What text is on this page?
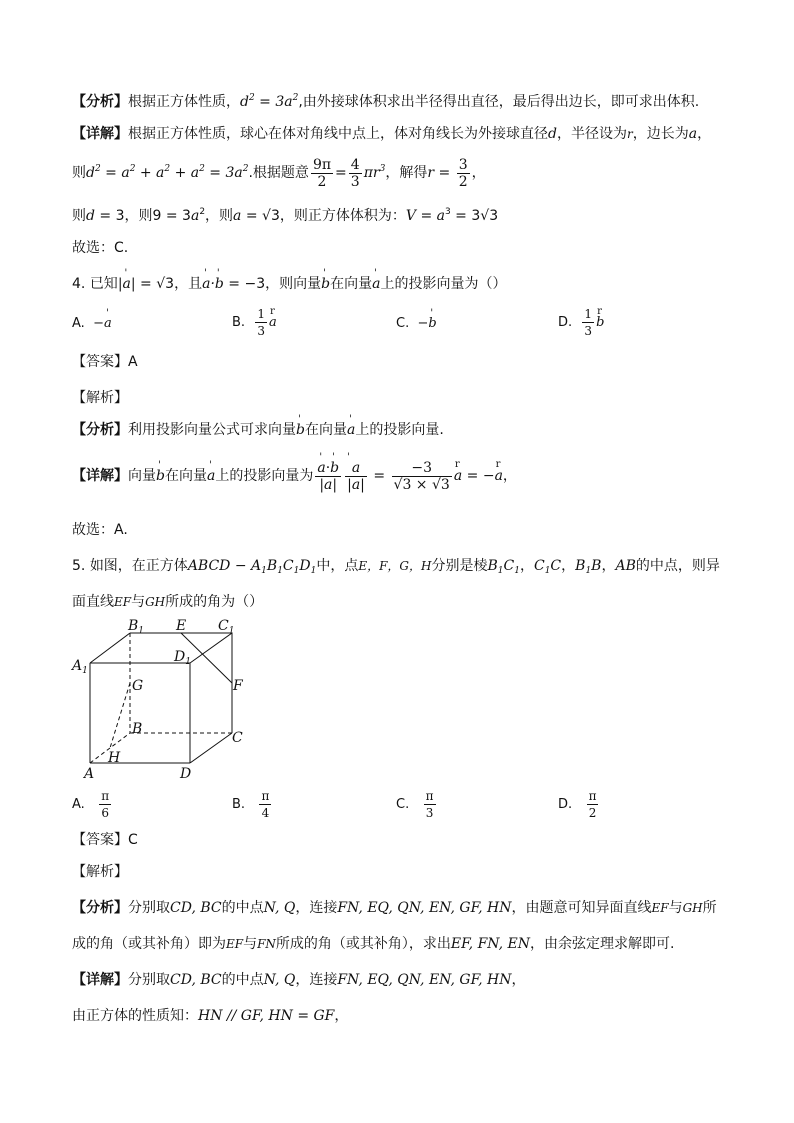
【分析】根据正方体性质，$d^2 = 3a^2$,由外接球体积求出半径得出直径，最后得出边长，即可求出体积.
【详解】根据正方体性质，球心在体对角线中点上，体对角线长为外接球直径d，半径设为r，边长为a，
则$d^2 = a^2 + a^2 + a^2 = 3a^2$.根据题意 $\frac{9\pi}{2} = \frac{4}{3} \pi r^3$，解得$r = \frac{3}{2}$ ，
则d = 3，则$9 = 3a^2$，则a = √3，则正方体体积为：$V = a^3 = 3√3$
故选：C.
4. 已知|' a| = √3，且' a·' b = −3，则向量' b在向量' a上的投影向量为（）
A. −' a	B. $\frac{1}{3}$ r a	C. −' b	D. $\frac{1}{3}$ r b
【答案】A
【解析】
【分析】利用投影向量公式可求向量' b在向量' a上的投影向量.
【详解】向量' b在向量' a上的投影向量为 ' $\frac{a\cdot' b}{|a|}$ ' $\frac{a}{|a|} = \frac{-3}{√3 \times √3}$ r a = −r a，
故选：A.
5. 如图，在正方体ABCD − $A_1B_1C_1D_1$中，点E，F，G，H分别是棱$B_1C_1$，$C_1C$，$B_1B$，AB的中点，则异
面直线EF与GH所成的角为（）
$B_1$ E $C_1$
$A_1$
$D_1$
G	F
B
C
H
A	D
A. $\frac{\pi}{6}$	B. $\frac{\pi}{4}$	C. $\frac{\pi}{3}$	D. $\frac{\pi}{2}$
【答案】C
【解析】
【分析】分别取CD, BC的中点N, Q，连接FN, EQ, QN, EN, GF, HN，由题意可知异面直线EF与GH所
成的角（或其补角）即为EF与FN所成的角（或其补角），求出EF, FN, EN，由余弦定理求解即可.
【详解】分别取CD, BC的中点N, Q，连接FN, EQ, QN, EN, GF, HN，
由正方体的性质知：HN // GF, HN = GF，
